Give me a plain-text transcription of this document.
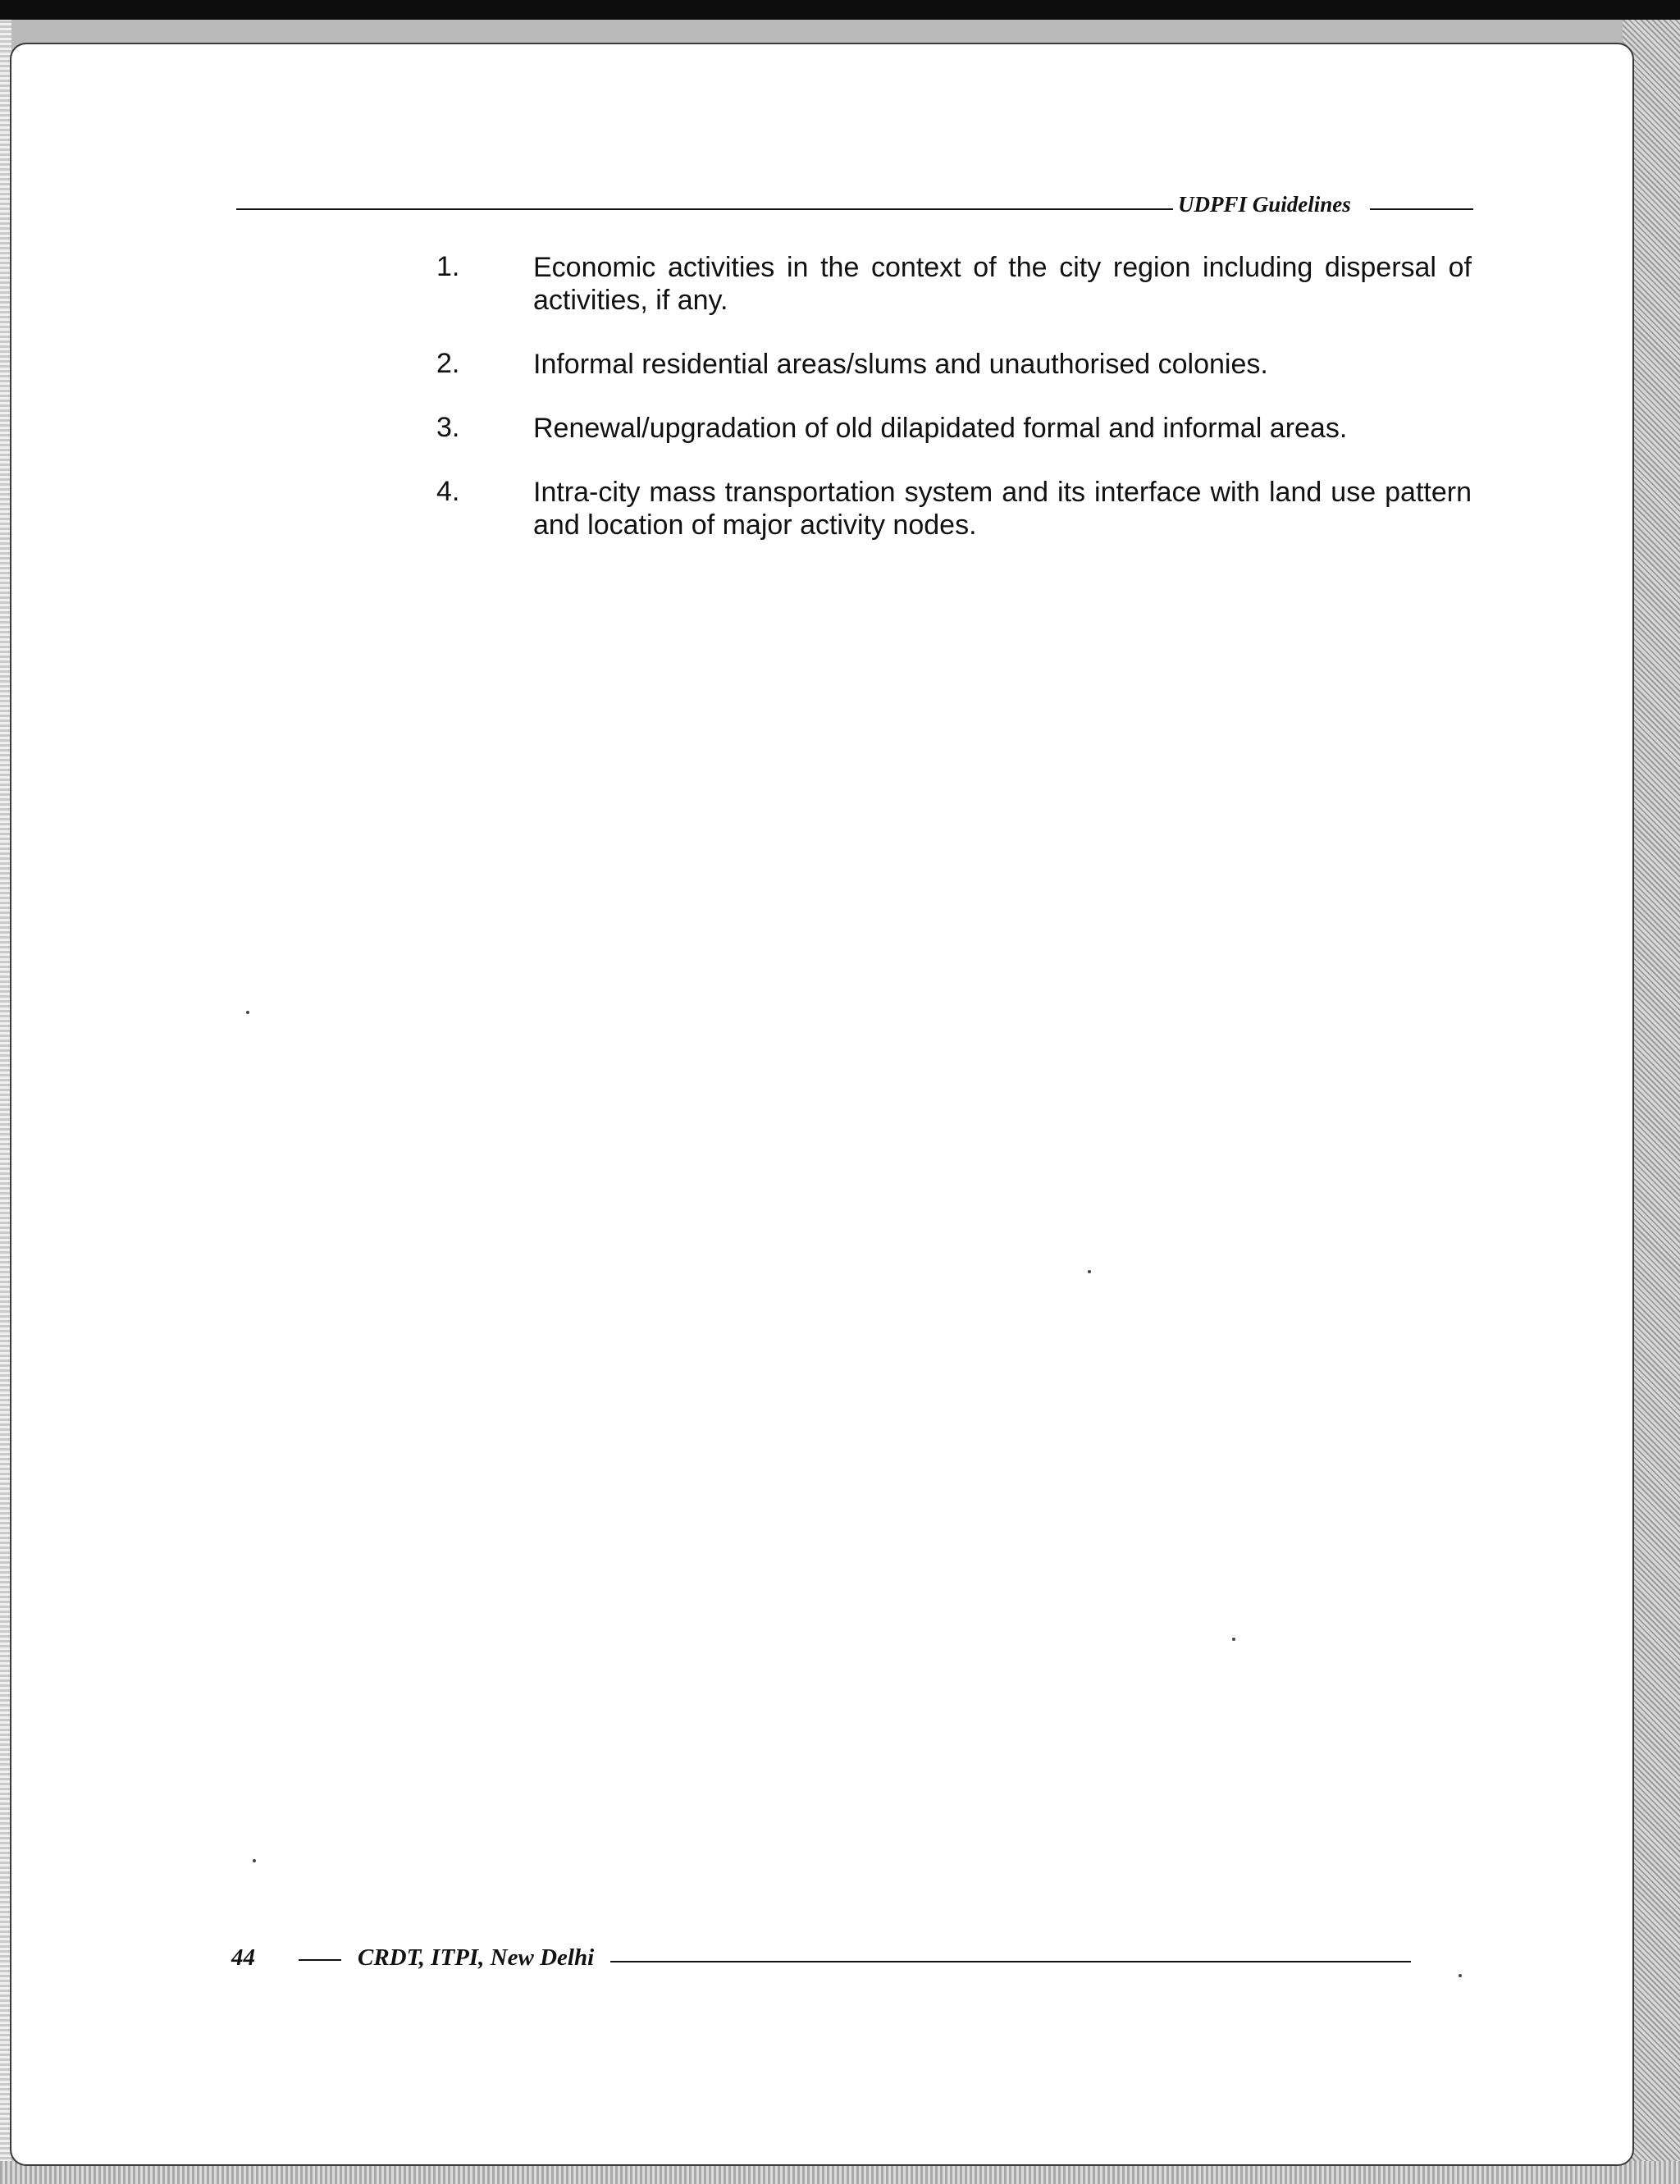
UDPFI Guidelines
1.	Economic activities in the context of the city region including dispersal of activities, if any.
2.	Informal residential areas/slums and unauthorised colonies.
3.	Renewal/upgradation of old dilapidated formal and informal areas.
4.	Intra-city mass transportation system and its interface with land use pattern and location of major activity nodes.
44	CRDT, ITPI, New Delhi
